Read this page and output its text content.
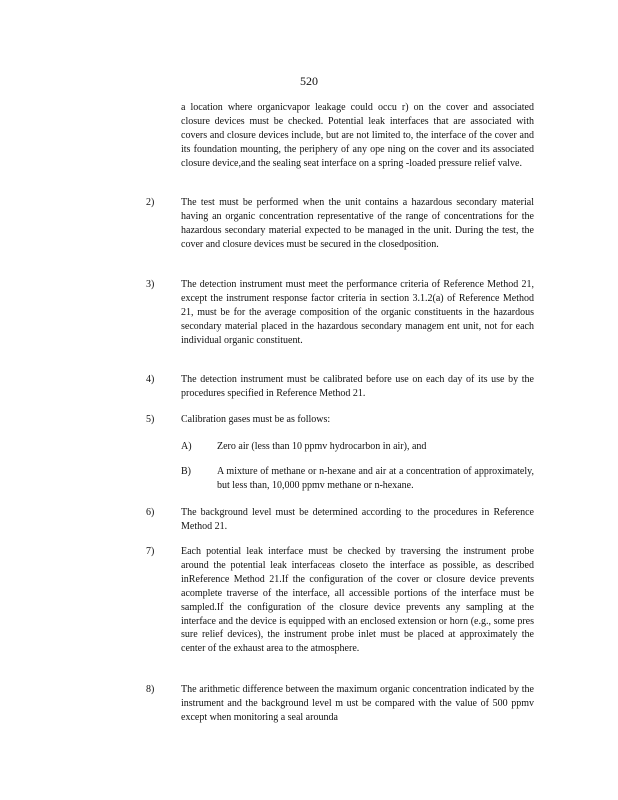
520
a location where organicvapor leakage could occu r) on the cover and associated closure devices must be checked. Potential leak interfaces that are associated with covers and closure devices include, but are not limited to, the interface of the cover and its foundation mounting, the periphery of any ope ning on the cover and its associated closure device,and the sealing seat interface on a spring -loaded pressure relief valve.
2)	The test must be performed when the unit contains a hazardous secondary material having an organic concentration representative of the range of concentrations for the hazardous secondary material expected to be managed in the unit. During the test, the cover and closure devices must be secured in the closedposition.
3)	The detection instrument must meet the performance criteria of Reference Method 21, except the instrument response factor criteria in section 3.1.2(a) of Reference Method 21, must be for the average composition of the organic constituents in the hazardous secondary material placed in the hazardous secondary managem ent unit, not for each individual organic constituent.
4)	The detection instrument must be calibrated before use on each day of its use by the procedures specified in Reference Method 21.
5)	Calibration gases must be as follows:
A)	Zero air (less than 10 ppmv hydrocarbon in air), and
B)	A mixture of methane or n-hexane and air at a concentration of approximately, but less than, 10,000 ppmv methane or n-hexane.
6)	The background level must be determined according to the procedures in Reference Method 21.
7)	Each potential leak interface must be checked by traversing the instrument probe around the potential leak interfaceas closeto the interface as possible, as described inReference Method 21.If the configuration of the cover or closure device prevents acomplete traverse of the interface, all accessible portions of the interface must be sampled.If the configuration of the closure device prevents any sampling at the interface and the device is equipped with an enclosed extension or horn (e.g., some pres sure relief devices), the instrument probe inlet must be placed at approximately the center of the exhaust area to the atmosphere.
8)	The arithmetic difference between the maximum organic concentration indicated by the instrument and the background level m ust be compared with the value of 500 ppmv except when monitoring a seal arounda
